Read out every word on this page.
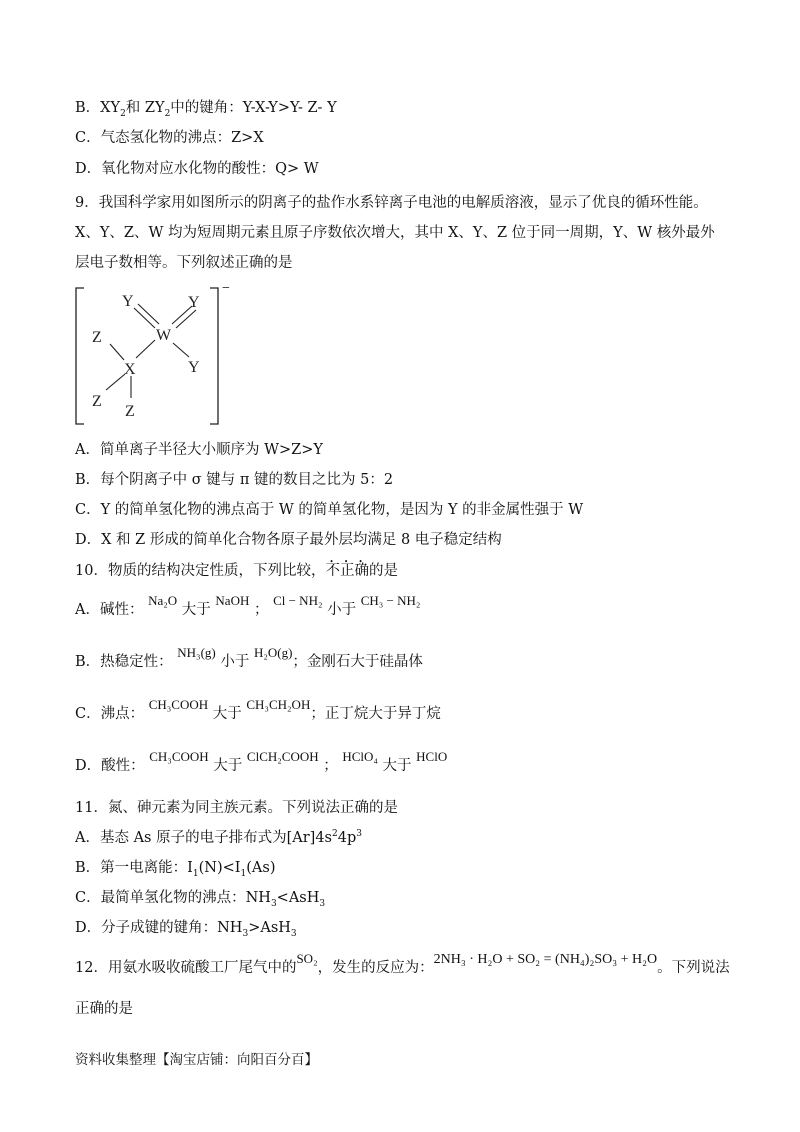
B．$XY_2$和 $ZY_2$中的键角：Y-X-Y>Y- Z- Y
C．气态氢化物的沸点：Z>X
D．氧化物对应水化物的酸性：Q> W
9．我国科学家用如图所示的阴离子的盐作水系锌离子电池的电解质溶液，显示了优良的循环性能。X、Y、Z、W 均为短周期元素且原子序数依次增大，其中 X、Y、Z 位于同一周期，Y、W 核外最外层电子数相等。下列叙述正确的是
−
Y	Y
W
Z
Y
X
Z
Z
A．简单离子半径大小顺序为 W>Z>Y
B．每个阴离子中 σ 键与 π 键的数目之比为 5：2
C．Y 的简单氢化物的沸点高于 W 的简单氢化物，是因为 Y 的非金属性强于 W
D．X 和 Z 形成的简单化合物各原子最外层均满足 8 电子稳定结构
10．物质的结构决定性质，下列比较，不正确的是
A．碱性： Na₂O 大于 NaOH ； Cl − NH₂ 小于 CH₃ − NH₂
B．热稳定性： NH₃(g) 小于 H₂O(g)；金刚石大于硅晶体
C．沸点： CH₃COOH 大于 CH₃CH₂OH；正丁烷大于异丁烷
D．酸性： CH₃COOH 大于 ClCH₂COOH ； HClO₄ 大于 HClO
11．氮、砷元素为同主族元素。下列说法正确的是
A．基态 As 原子的电子排布式为$[Ar]4s^24p^3$
B．第一电离能：$I_1(N)<I_1(As)$
C．最简单氢化物的沸点：$NH_3<AsH_3$
D．分子成键的键角：$NH_3>AsH_3$
12．用氨水吸收硫酸工厂尾气中的SO₂，发生的反应为：2NH₃ · H₂O + SO₂ = (NH₄)₂SO₃ + H₂O。下列说法
正确的是
资料收集整理【淘宝店铺：向阳百分百】
